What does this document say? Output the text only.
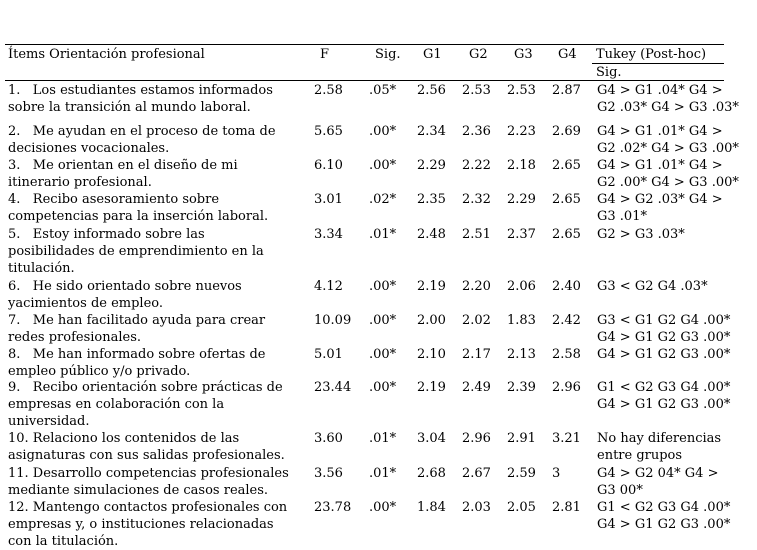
Ítems Orientación profesional	F	Sig. G1 G2 G3 G4 Tukey (Post-hoc)
Sig.
1.   Los estudiantes estamos informados
sobre la transición al mundo laboral.
2.58 .05* 2.56 2.53 2.53 2.87 G4 > G1 .04* G4 >
G2 .03* G4 > G3 .03*
2.   Me ayudan en el proceso de toma de
decisiones vocacionales.
5.65 .00* 2.34 2.36 2.23 2.69 G4 > G1 .01* G4 >
G2 .02* G4 > G3 .00*
3.   Me orientan en el diseño de mi
itinerario profesional.
6.10 .00* 2.29 2.22 2.18 2.65 G4 > G1 .01* G4 >
G2 .00* G4 > G3 .00*
4.   Recibo asesoramiento sobre
competencias para la inserción laboral.
3.01 .02* 2.35 2.32 2.29 2.65 G4 > G2 .03* G4 >
G3 .01*
5.   Estoy informado sobre las
posibilidades de emprendimiento en la
titulación.
3.34 .01* 2.48 2.51 2.37 2.65 G2 > G3 .03*
6.   He sido orientado sobre nuevos
yacimientos de empleo.
4.12 .00* 2.19 2.20 2.06 2.40 G3 < G2 G4 .03*
7.   Me han facilitado ayuda para crear
redes profesionales.
10.09 .00* 2.00 2.02 1.83 2.42 G3 < G1 G2 G4 .00*
G4 > G1 G2 G3 .00*
8.   Me han informado sobre ofertas de
empleo público y/o privado.
5.01 .00* 2.10 2.17 2.13 2.58 G4 > G1 G2 G3 .00*
9.   Recibo orientación sobre prácticas de
empresas en colaboración con la
universidad.
23.44 .00* 2.19 2.49 2.39 2.96 G1 < G2 G3 G4 .00*
G4 > G1 G2 G3 .00*
10. Relaciono los contenidos de las
asignaturas con sus salidas profesionales.
3.60 .01* 3.04 2.96 2.91 3.21 No hay diferencias
entre grupos
11. Desarrollo competencias profesionales
mediante simulaciones de casos reales.
3.56 .01* 2.68 2.67 2.59 3	G4 > G2 04* G4 >
G3 00*
12. Mantengo contactos profesionales con
empresas y, o instituciones relacionadas
con la titulación.
23.78 .00* 1.84 2.03 2.05 2.81 G1 < G2 G3 G4 .00*
G4 > G1 G2 G3 .00*
